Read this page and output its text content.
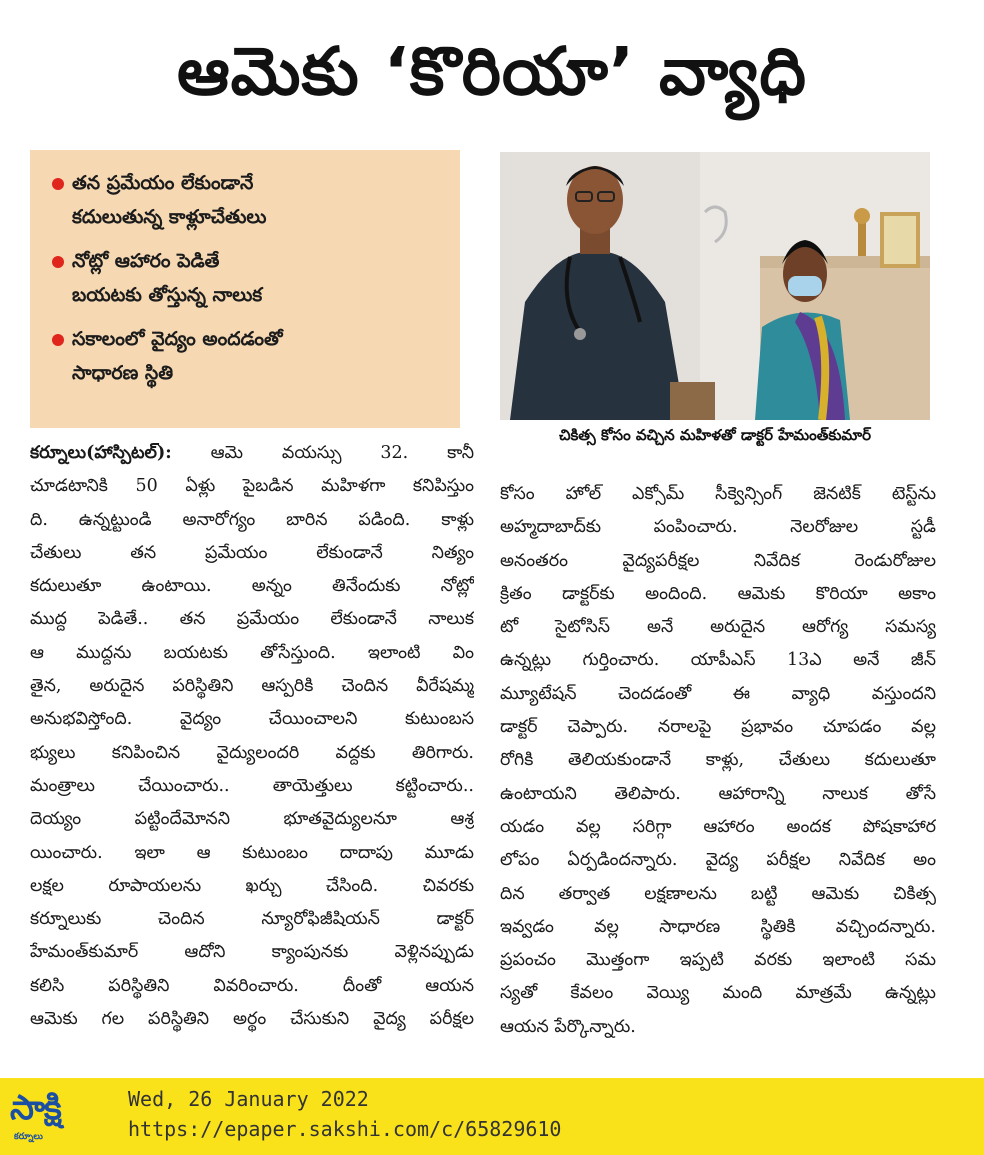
ఆమెకు ‘కొరియా’ వ్యాధి
తన ప్రమేయం లేకుండానే
కదులుతున్న కాళ్లూచేతులు
నోట్లో ఆహారం పెడితే
బయటకు తోస్తున్న నాలుక
సకాలంలో వైద్యం అందడంతో
సాధారణ స్థితి
చికిత్స కోసం వచ్చిన మహిళతో డాక్టర్ హేమంత్‌కుమార్
కర్నూలు(హాస్పిటల్): ఆమె వయస్సు 32. కానీ
చూడటానికి 50 ఏళ్లు పైబడిన మహిళగా కనిపిస్తుం
ది. ఉన్నట్టుండి అనారోగ్యం బారిన పడింది. కాళ్లు
చేతులు తన ప్రమేయం లేకుండానే నిత్యం
కదులుతూ ఉంటాయి. అన్నం తినేందుకు నోట్లో
ముద్ద పెడితే.. తన ప్రమేయం లేకుండానే నాలుక
ఆ ముద్దను బయటకు తోసేస్తుంది. ఇలాంటి విం
తైన, అరుదైన పరిస్థితిని ఆస్పరికి చెందిన వీరేషమ్మ
అనుభవిస్తోంది. వైద్యం చేయించాలని కుటుంబస
భ్యులు కనిపించిన వైద్యులందరి వద్దకు తిరిగారు.
మంత్రాలు చేయించారు.. తాయెత్తులు కట్టించారు..
దెయ్యం పట్టిందేమోనని భూతవైద్యులనూ ఆశ్ర
యించారు. ఇలా ఆ కుటుంబం దాదాపు మూడు
లక్షల రూపాయలను ఖర్చు చేసింది. చివరకు
కర్నూలుకు చెందిన న్యూరోఫిజీషియన్ డాక్టర్
హేమంత్‌కుమార్ ఆదోని క్యాంపునకు వెళ్లినప్పుడు
కలిసి పరిస్థితిని వివరించారు. దీంతో ఆయన
ఆమెకు గల పరిస్థితిని అర్థం చేసుకుని వైద్య పరీక్షల
కోసం హోల్ ఎక్సోమ్ సీక్వెన్సింగ్ జెనటిక్ టెస్ట్‌ను
అహ్మదాబాద్‌కు పంపించారు. నెలరోజుల స్టడీ
అనంతరం వైద్యపరీక్షల నివేదిక రెండురోజుల
క్రితం డాక్టర్‌కు అందింది. ఆమెకు కొరియా అకాం
టో సైటోసిస్ అనే అరుదైన ఆరోగ్య సమస్య
ఉన్నట్లు గుర్తించారు. యాపీఎస్ 13ఎ అనే జీన్
మ్యూటేషన్ చెందడంతో ఈ వ్యాధి వస్తుందని
డాక్టర్ చెప్పారు. నరాలపై ప్రభావం చూపడం వల్ల
రోగికి తెలియకుండానే కాళ్లు, చేతులు కదులుతూ
ఉంటాయని తెలిపారు. ఆహారాన్ని నాలుక తోసే
యడం వల్ల సరిగ్గా ఆహారం అందక పోషకాహార
లోపం ఏర్పడిందన్నారు. వైద్య పరీక్షల నివేదిక అం
దిన తర్వాత లక్షణాలను బట్టి ఆమెకు చికిత్స
ఇవ్వడం వల్ల సాధారణ స్థితికి వచ్చిందన్నారు.
ప్రపంచం మొత్తంగా ఇప్పటి వరకు ఇలాంటి సమ
స్యతో కేవలం వెయ్యి మంది మాత్రమే ఉన్నట్లు
ఆయన పేర్కొన్నారు.
సాక్షి
కర్నూలు
Wed, 26 January 2022
https://epaper.sakshi.com/c/65829610
